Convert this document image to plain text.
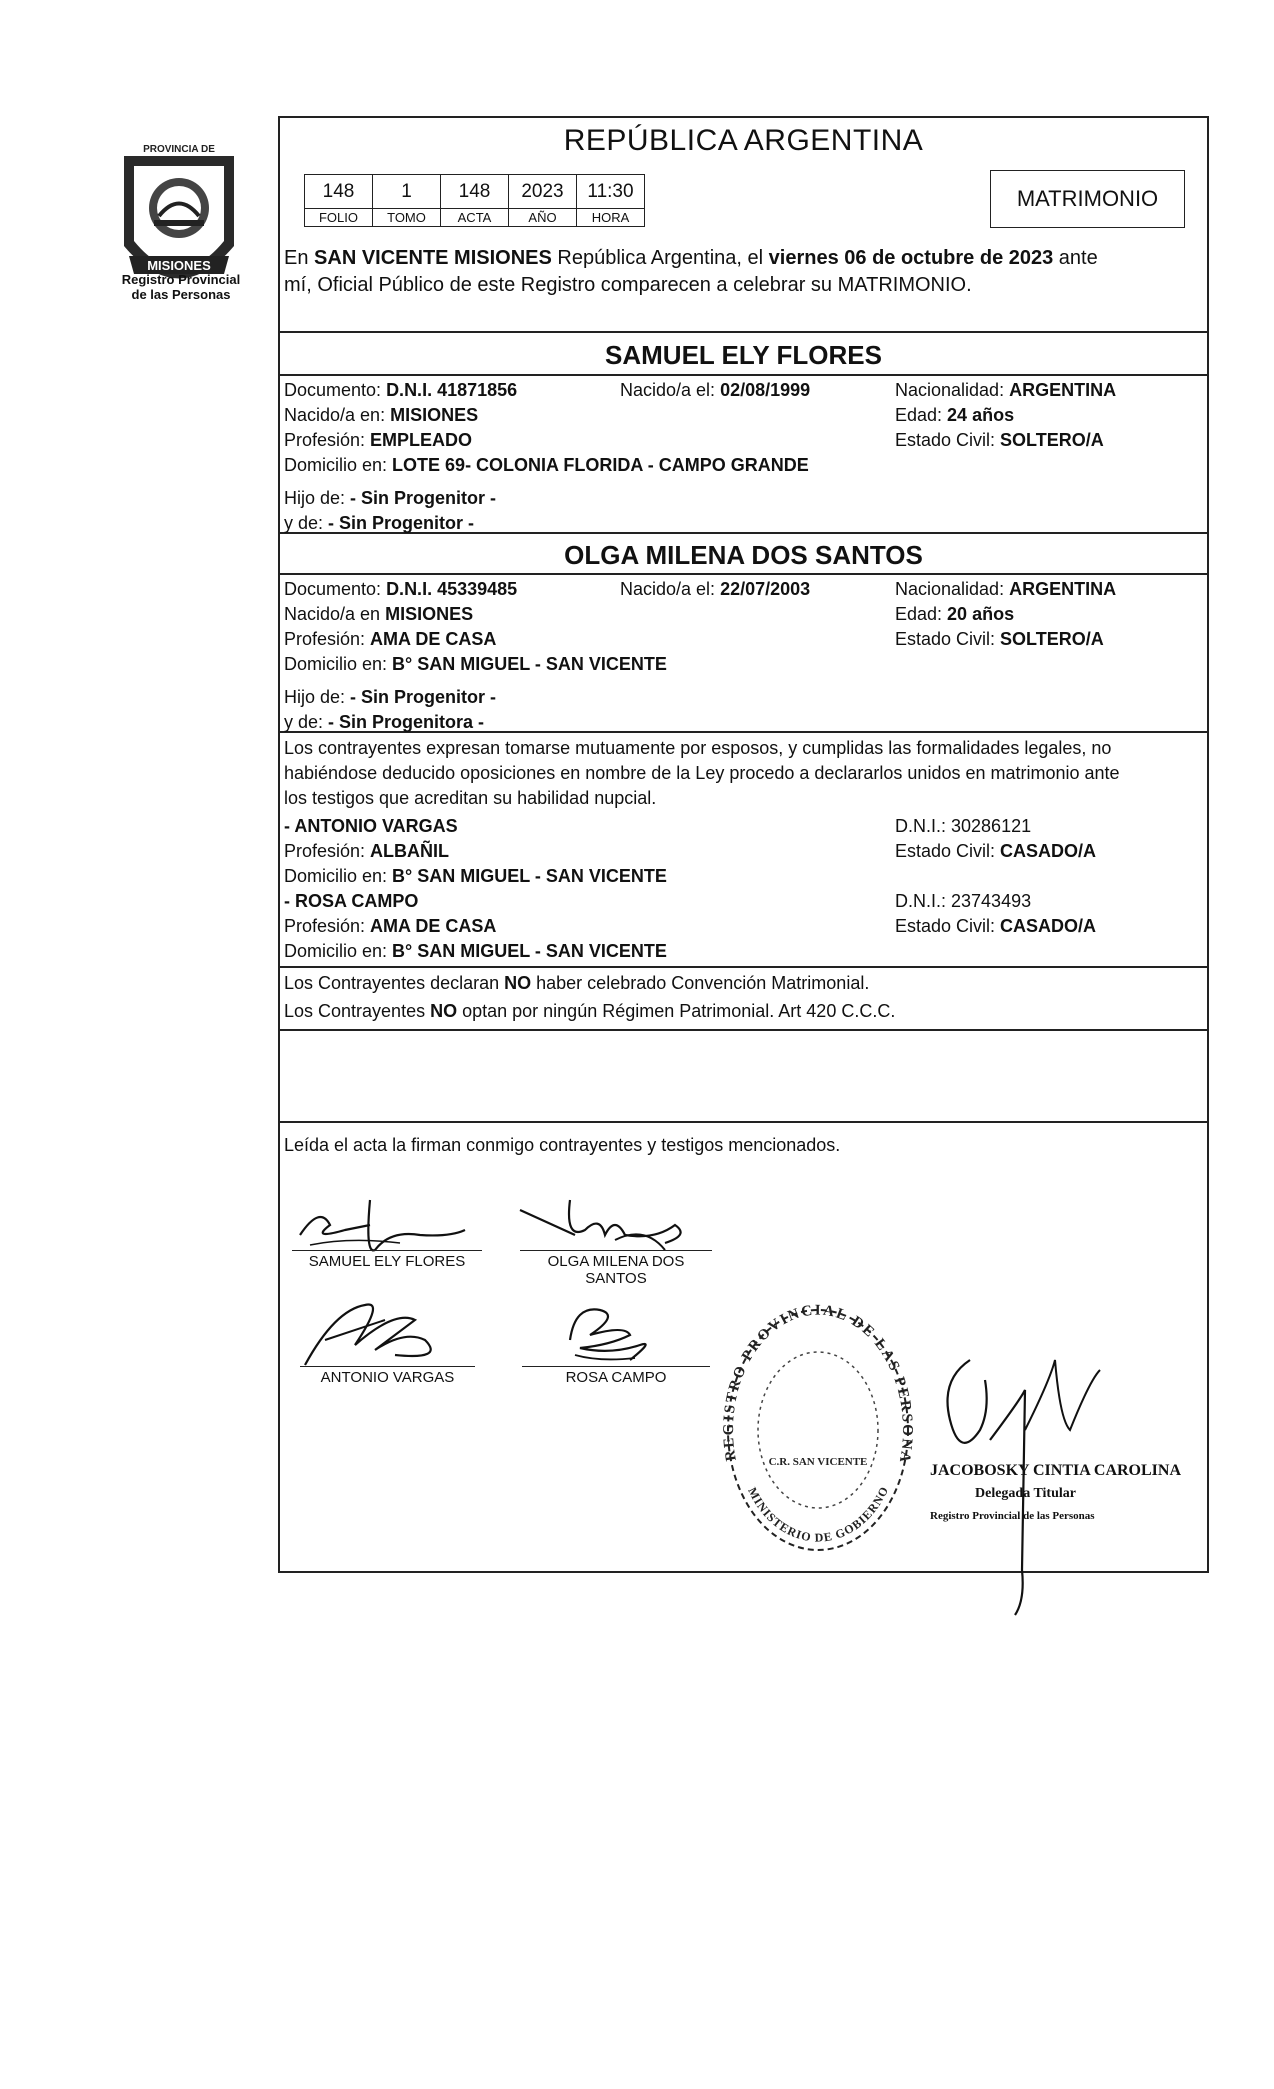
MISIONES
PROVINCIA DE
Registro Provincial
de las Personas
REPÚBLICA ARGENTINA
148	1	148	2023	11:30
FOLIO	TOMO	ACTA	AÑO	HORA
MATRIMONIO
En SAN VICENTE MISIONES República Argentina, el viernes 06 de octubre de 2023 ante
mí, Oficial Público de este Registro comparecen a celebrar su MATRIMONIO.
SAMUEL ELY FLORES
Documento: D.N.I. 41871856	Nacido/a el: 02/08/1999	Nacionalidad: ARGENTINA
Nacido/a en: MISIONES	Edad: 24 años
Profesión: EMPLEADO	Estado Civil: SOLTERO/A
Domicilio en: LOTE 69- COLONIA FLORIDA - CAMPO GRANDE
Hijo de: - Sin Progenitor -
y de: - Sin Progenitor -
OLGA MILENA DOS SANTOS
Documento: D.N.I. 45339485	Nacido/a el: 22/07/2003	Nacionalidad: ARGENTINA
Nacido/a en MISIONES	Edad: 20 años
Profesión: AMA DE CASA	Estado Civil: SOLTERO/A
Domicilio en: B° SAN MIGUEL - SAN VICENTE
Hijo de: - Sin Progenitor -
y de: - Sin Progenitora -
Los contrayentes expresan tomarse mutuamente por esposos, y cumplidas las formalidades legales, no
habiéndose deducido oposiciones en nombre de la Ley procedo a declararlos unidos en matrimonio ante
los testigos que acreditan su habilidad nupcial.
- ANTONIO VARGAS	D.N.I.: 30286121
Profesión: ALBAÑIL	Estado Civil: CASADO/A
Domicilio en: B° SAN MIGUEL - SAN VICENTE
- ROSA CAMPO	D.N.I.: 23743493
Profesión: AMA DE CASA	Estado Civil: CASADO/A
Domicilio en: B° SAN MIGUEL - SAN VICENTE
Los Contrayentes declaran NO haber celebrado Convención Matrimonial.
Los Contrayentes NO optan por ningún Régimen Patrimonial. Art 420 C.C.C.
Leída el acta la firman conmigo contrayentes y testigos mencionados.
SAMUEL ELY FLORES	OLGA MILENA DOS
SANTOS
ANTONIO VARGAS	ROSA CAMPO
REGISTRO PROVINCIAL DE LAS PERSONAS
MINISTERIO DE GOBIERNO
C.R. SAN VICENTE	JACOBOSKY CINTIA CAROLINA
Delegada Titular
Registro Provincial de las Personas
